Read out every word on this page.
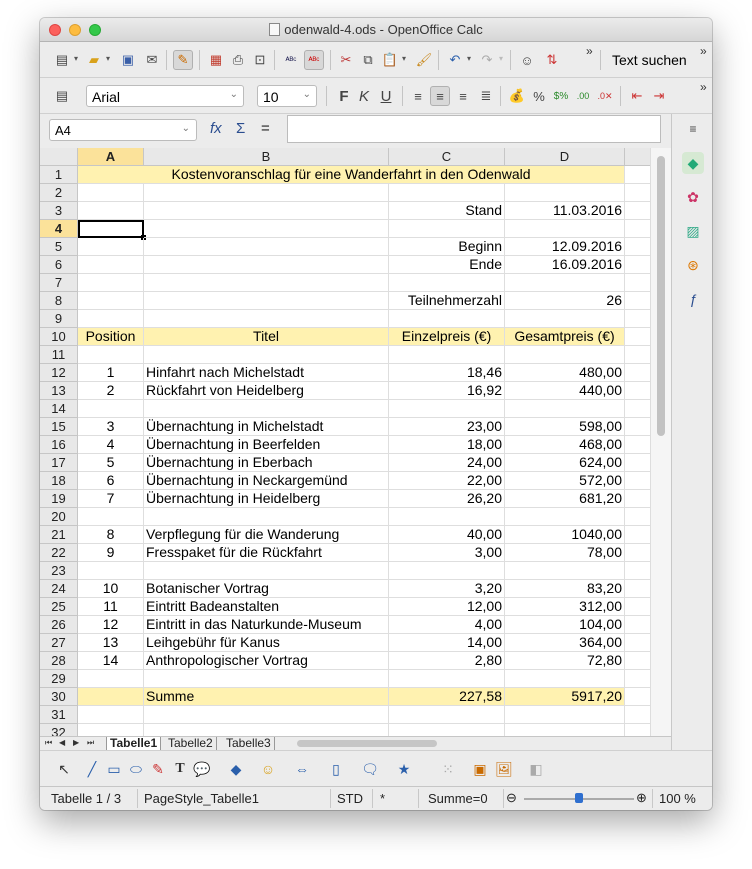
odenwald-4.ods - OpenOffice Calc
▤ ▾ ▰ ▾ ▣ ✉	✎	▦ ⎙ ⊡	ᴬᴮᶜ	ᴬᴮᶜ	✂ ⧉ 📋 ▾ 🖌	↶ ▾ ↷ ▾ ☺ ⇅
»
Text suchen
»
▤	Arial	⌄	10 ⌄	F K U	≡	≡	≡	≣	💰 % $% .00 .0✕	⇤ ⇥
»
A4	⌄ fx Σ =	≡
◆
✿
▨
⊛
ƒ
A	B	C	D
1	Kostenvoranschlag für eine Wanderfahrt in den Odenwald
2
3	Stand	11.03.2016
4
5	Beginn	12.09.2016
6	Ende	16.09.2016
7
8	Teilnehmerzahl	26
9
10	Position	Titel	Einzelpreis (€)	Gesamtpreis (€)
11
12	1	Hinfahrt nach Michelstadt	18,46	480,00
13	2	Rückfahrt von Heidelberg	16,92	440,00
14
15	3	Übernachtung in Michelstadt	23,00	598,00
16	4	Übernachtung in Beerfelden	18,00	468,00
17	5	Übernachtung in Eberbach	24,00	624,00
18	6	Übernachtung in Neckargemünd	22,00	572,00
19	7	Übernachtung in Heidelberg	26,20	681,20
20
21	8	Verpflegung für die Wanderung	40,00	1040,00
22	9	Fresspaket für die Rückfahrt	3,00	78,00
23
24	10	Botanischer Vortrag	3,20	83,20
25	11	Eintritt Badeanstalten	12,00	312,00
26	12	Eintritt in das Naturkunde-Museum	4,00	104,00
27	13	Leihgebühr für Kanus	14,00	364,00
28	14	Anthropologischer Vortrag	2,80	72,80
29
30	Summe	227,58	5917,20
31
32
⏮ ◀ ▶ ⏭	Tabelle1 Tabelle2	Tabelle3
↖	╱ ▭ ⬭ ✎ T 💬	◆	☺ ⇔	▯	🗨 ★ ⁙ ▣ 🖼 ◧
Tabelle 1 / 3 PageStyle_Tabelle1	STD *	Summe=0 ⊖	⊕ 100 %
